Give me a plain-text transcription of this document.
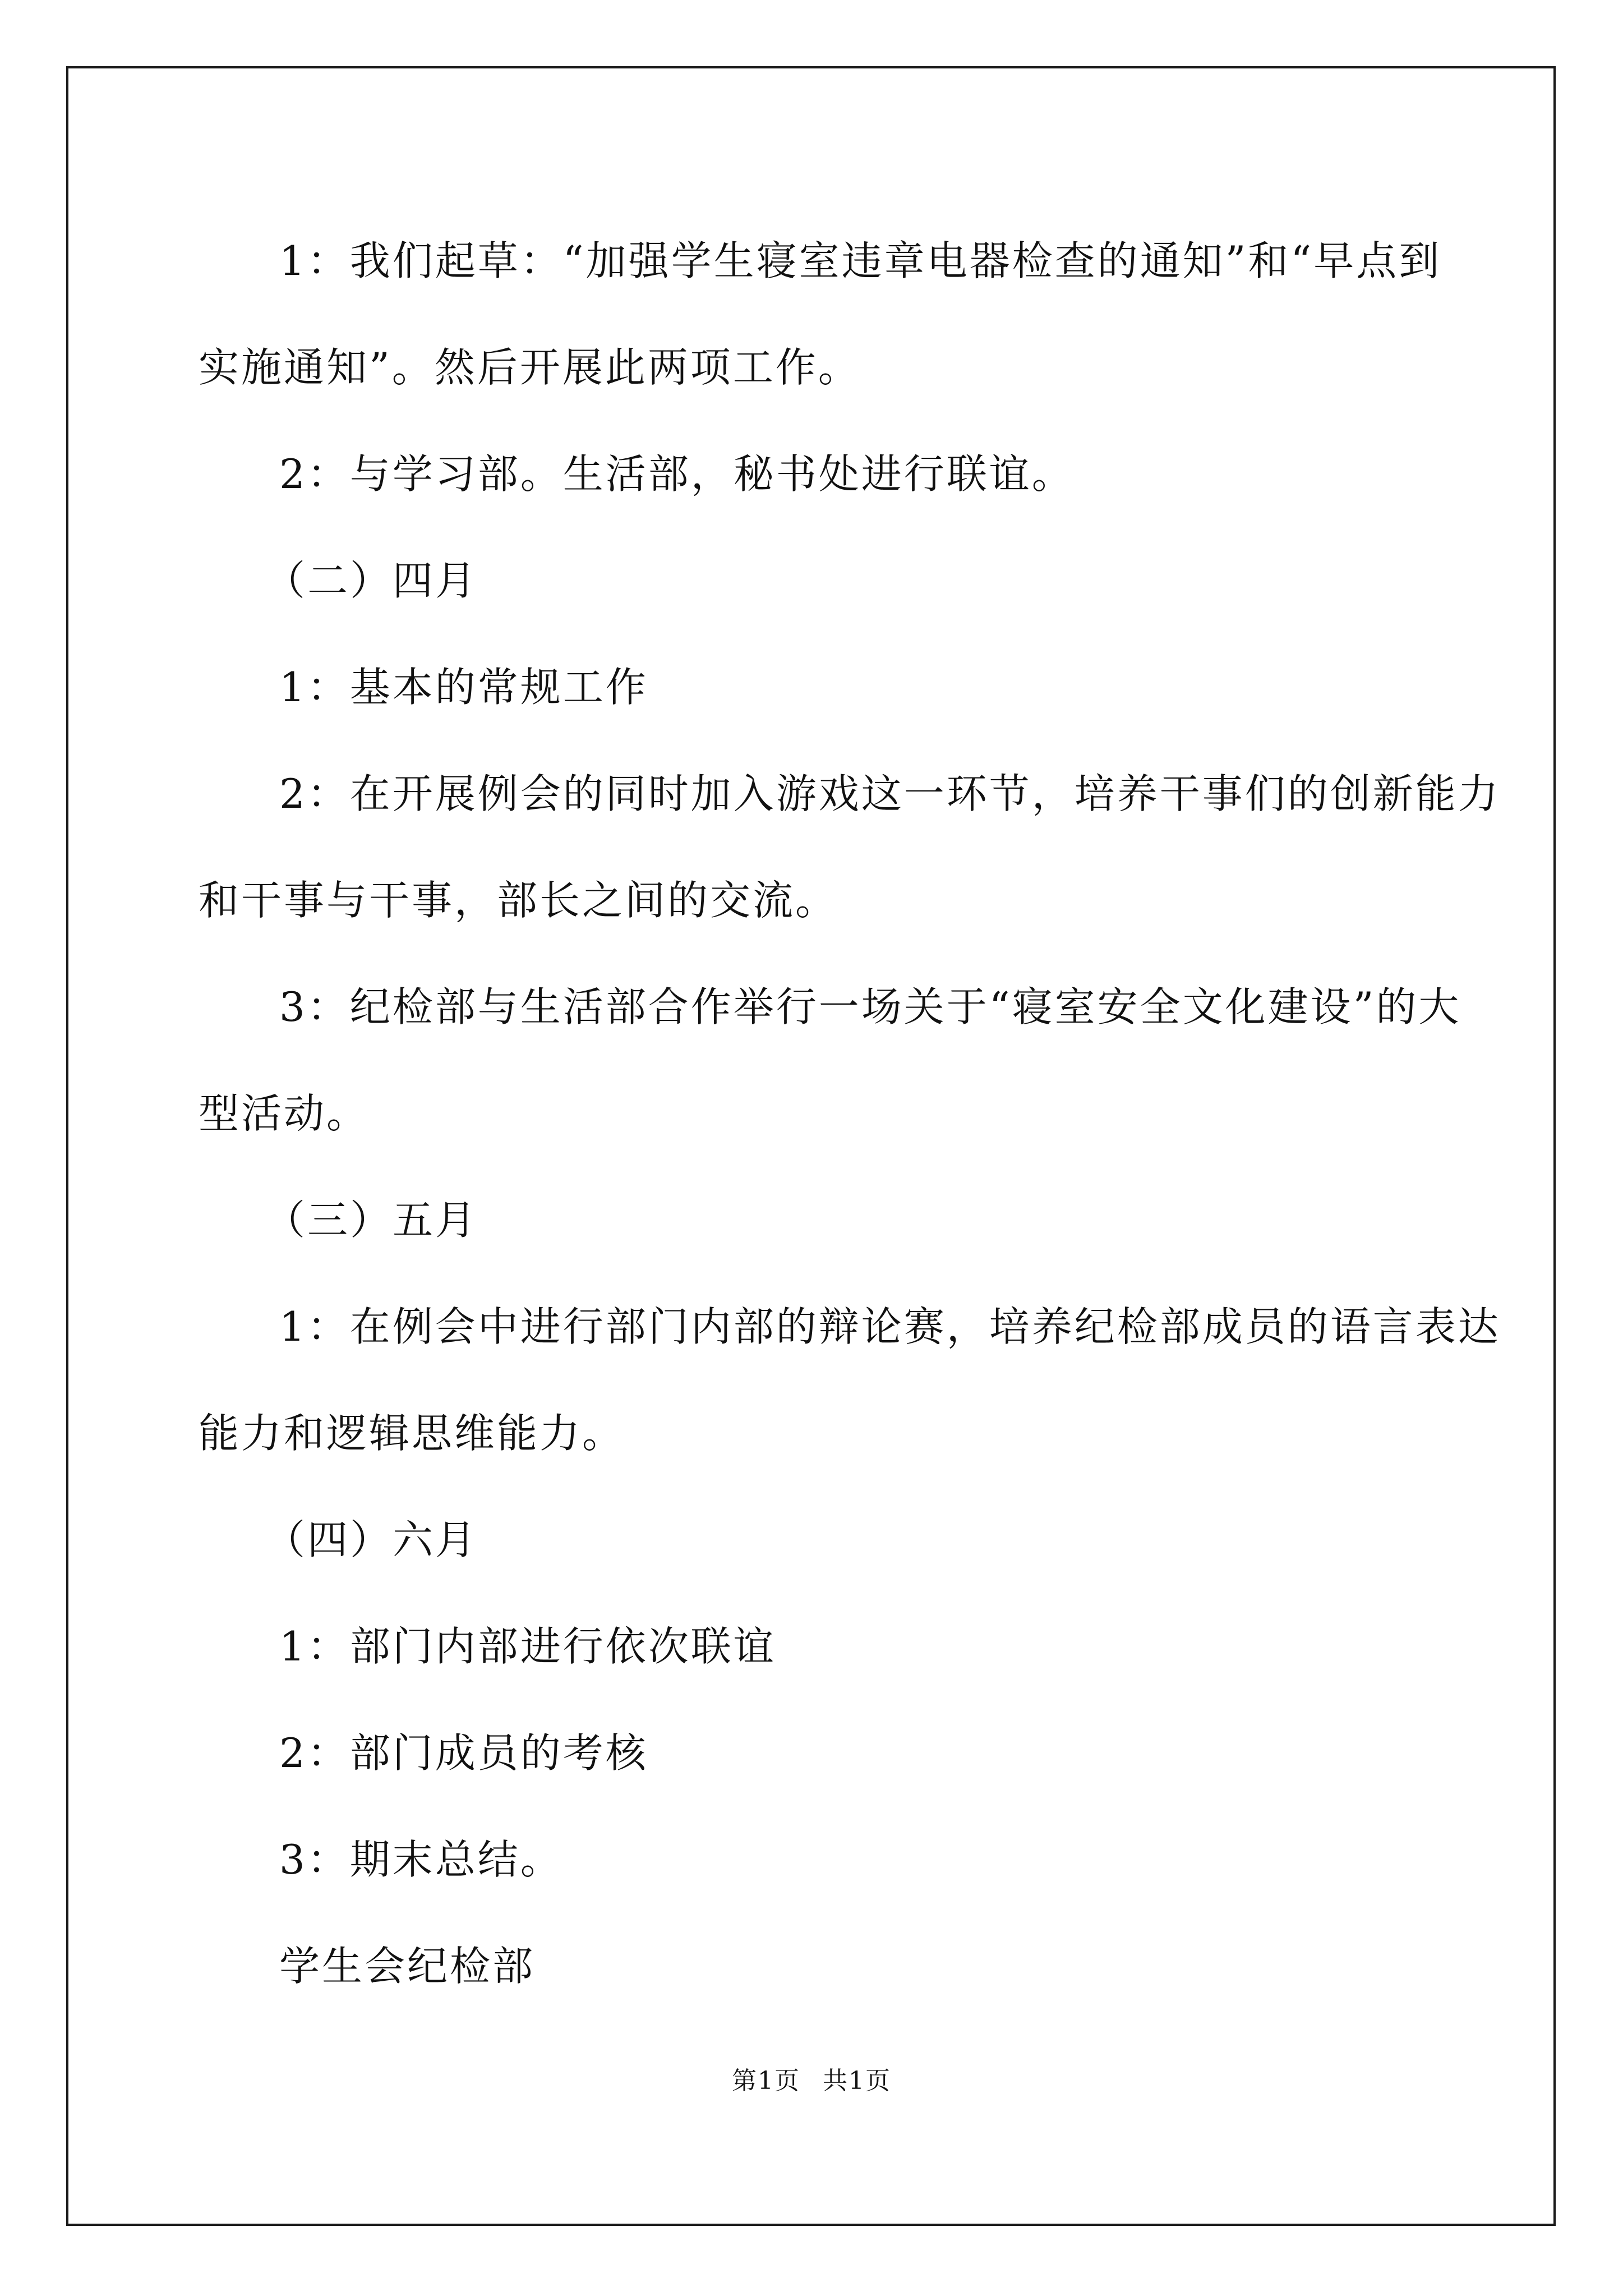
1：我们起草：“加强学生寝室违章电器检查的通知”和“早点到

实施通知”。然后开展此两项工作。

2：与学习部。生活部，秘书处进行联谊。

（二）四月

1：基本的常规工作

2：在开展例会的同时加入游戏这一环节，培养干事们的创新能力

和干事与干事，部长之间的交流。

3：纪检部与生活部合作举行一场关于“寝室安全文化建设”的大

型活动。

（三）五月

1：在例会中进行部门内部的辩论赛，培养纪检部成员的语言表达

能力和逻辑思维能力。

（四）六月

1：部门内部进行依次联谊

2：部门成员的考核

3：期末总结。

学生会纪检部

第1页 共1页
